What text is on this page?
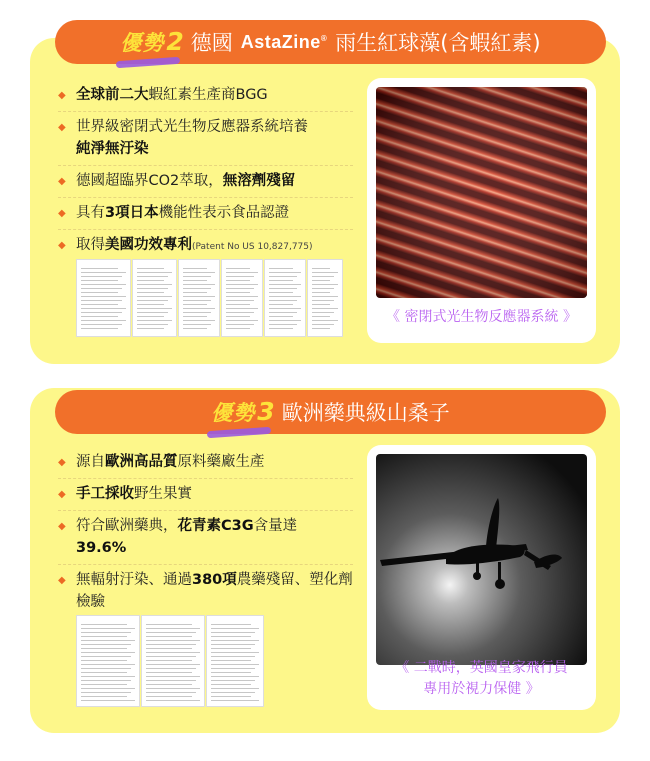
優勢2 德國 AstaZine® 雨生紅球藻(含蝦紅素)
◆ 全球前二大蝦紅素生產商BGG
◆ 世界級密閉式光生物反應器系統培養
純淨無汙染
◆ 德國超臨界CO2萃取，無溶劑殘留
◆ 具有3項日本機能性表示食品認證
◆ 取得美國功效專利(Patent No US 10,827,775)
《 密閉式光生物反應器系統 》
優勢3 歐洲藥典級山桑子
◆ 源自歐洲高品質原料藥廠生產
◆ 手工採收野生果實
◆ 符合歐洲藥典，花青素C3G含量達
39.6%
◆ 無輻射汙染、通過380項農藥殘留、塑化劑檢驗
《 二戰時，英國皇家飛行員
專用於視力保健 》
